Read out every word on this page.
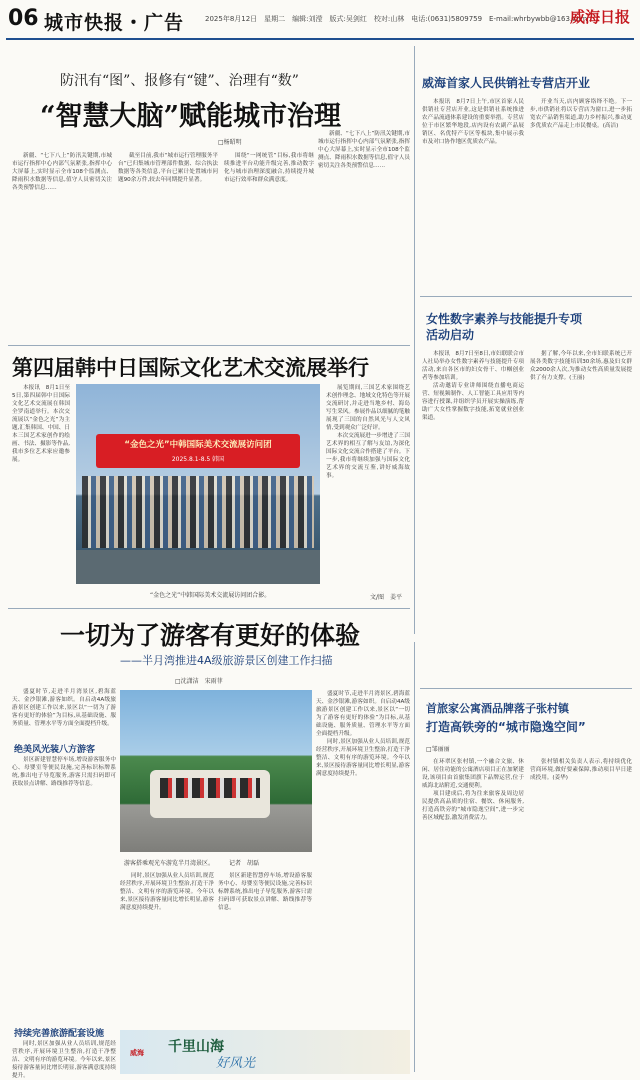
06 城市快报・广告	2025年8月12日　星期二　编辑:刘滢　版式:吴剑红　校对:山林　电话:(0631)5809759　E-mail:whrbywbb@163.com
威海日报
防汛有“图”、报修有“键”、治理有“数”
“智慧大脑”赋能城市治理
□杨昭明

新疆、“七下八上”防汛关键期,市城市运行指挥中心内部气氛紧张,指挥中心大屏幕上,实时显示全市108个监测点、降雨积水数据等信息,值守人员密切关注各类预警信息……

截至目前,我市“城市运行管理服务平台”已归集城市管理部件数据、综合执法数据等各类信息,平台已累计处置城市问题90余万件,较去年同期提升显著。

围绕“一网统管”目标,我市将继续推进平台功能升级完善,推动数字化与城市治理深度融合,持续提升城市运行效率和群众满意度。

新疆、“七下八上”防汛关键期,市城市运行指挥中心内部气氛紧张,指挥中心大屏幕上,实时显示全市108个监测点、降雨积水数据等信息,值守人员密切关注各类预警信息……

威海首家人民供销社专营店开业

本报讯　8月7日上午,市区首家人民供销社专营店开业,这是供销社系统推进农产品流通体系建设的重要举措。专营店位于市区繁华地段,店内设有农副产品展销区、名优特产专区等板块,集中展示我市及对口协作地区优质农产品。

开业当天,店内顾客络绎不绝。下一步,市供销社将以专营店为窗口,进一步拓宽农产品销售渠道,助力乡村振兴,推动更多优质农产品走上市民餐桌。(高洁)

第四届韩中日国际文化艺术交流展举行

本报讯　8月1日至5日,第四届韩中日国际文化艺术交流展在韩国全罗南道举行。本次交流展以“金色之光”为主题,汇集韩国、中国、日本三国艺术家创作的绘画、书法、摄影等作品,我市多位艺术家应邀参展。

“金色之光”中韩国际美术交流展访问团
2025.8.1-8.5 韩国
“金色之光”中韩国际美术交流展访问团合影。

展览期间,三国艺术家围绕艺术创作理念、地域文化特色等开展交流研讨,并走进当地乡村、海岛写生采风。参展作品以细腻的笔触展现了三国的自然风光与人文风情,受到观众广泛好评。

本次交流展进一步增进了三国艺术界的相互了解与友谊,为深化国际文化交流合作搭建了平台。下一步,我市将继续加强与国际文化艺术界的交流互鉴,讲好威海故事。

文/图　姜平
女性数字素养与技能提升专项
活动启动

本报讯　8月7日至8日,市妇联联合市人社局举办女性数字素养与技能提升专项活动,来自各区市的妇女骨干、巾帼创业者等参加培训。

活动邀请专业讲师围绕直播电商运营、短视频制作、人工智能工具应用等内容进行授课,并组织学员开展实操演练,帮助广大女性掌握数字技能,拓宽就业创业渠道。

据了解,今年以来,全市妇联系统已开展各类数字技能培训30余场,惠及妇女群众2000余人次,为推动女性高质量发展提供了有力支撑。(王丽)

一切为了游客有更好的体验
——半月湾推进4A级旅游景区创建工作扫描
□沈潇洁　宋雨菲

盛夏时节,走进半月湾景区,碧海蓝天、金沙银滩,游客如织。自启动4A级旅游景区创建工作以来,景区以“一切为了游客有更好的体验”为目标,从基础设施、服务质量、管理水平等方面全面提档升级。

绝美风光装八方游客

景区新建智慧停车场,增设游客服务中心、母婴室等便民设施,完善标识标牌系统,推出电子导览服务,游客只需扫码即可获取景点讲解、路线推荐等信息。

持续完善旅游配套设施

同时,景区加强从业人员培训,规范经营秩序,开展环境卫生整治,打造干净整洁、文明有序的游览环境。今年以来,景区接待游客量同比增长明显,游客满意度持续提升。

游客搭乘观光车游览半月湾景区。　　　记者　胡磊

同时,景区加强从业人员培训,规范经营秩序,开展环境卫生整治,打造干净整洁、文明有序的游览环境。今年以来,景区接待游客量同比增长明显,游客满意度持续提升。

景区新建智慧停车场,增设游客服务中心、母婴室等便民设施,完善标识标牌系统,推出电子导览服务,游客只需扫码即可获取景点讲解、路线推荐等信息。

盛夏时节,走进半月湾景区,碧海蓝天、金沙银滩,游客如织。自启动4A级旅游景区创建工作以来,景区以“一切为了游客有更好的体验”为目标,从基础设施、服务质量、管理水平等方面全面提档升级。

同时,景区加强从业人员培训,规范经营秩序,开展环境卫生整治,打造干净整洁、文明有序的游览环境。今年以来,景区接待游客量同比增长明显,游客满意度持续提升。

威海 千里山海
好风光
首旅家公寓酒品牌落子张村镇
打造高铁旁的“城市隐逸空间”
□邹丽丽

在环翠区张村镇,一个融合文旅、休闲、居住功能的公寓酒店项目正在加紧建设,该项目由首旅集团旗下品牌运营,位于威海北站附近,交通便利。

项目建成后,将为往来旅客及周边居民提供高品质的住宿、餐饮、休闲服务,打造高铁旁的“城市隐逸空间”,进一步完善区域配套,激发消费活力。

张村镇相关负责人表示,将持续优化营商环境,做好要素保障,推动项目早日建成投用。(姜华)
